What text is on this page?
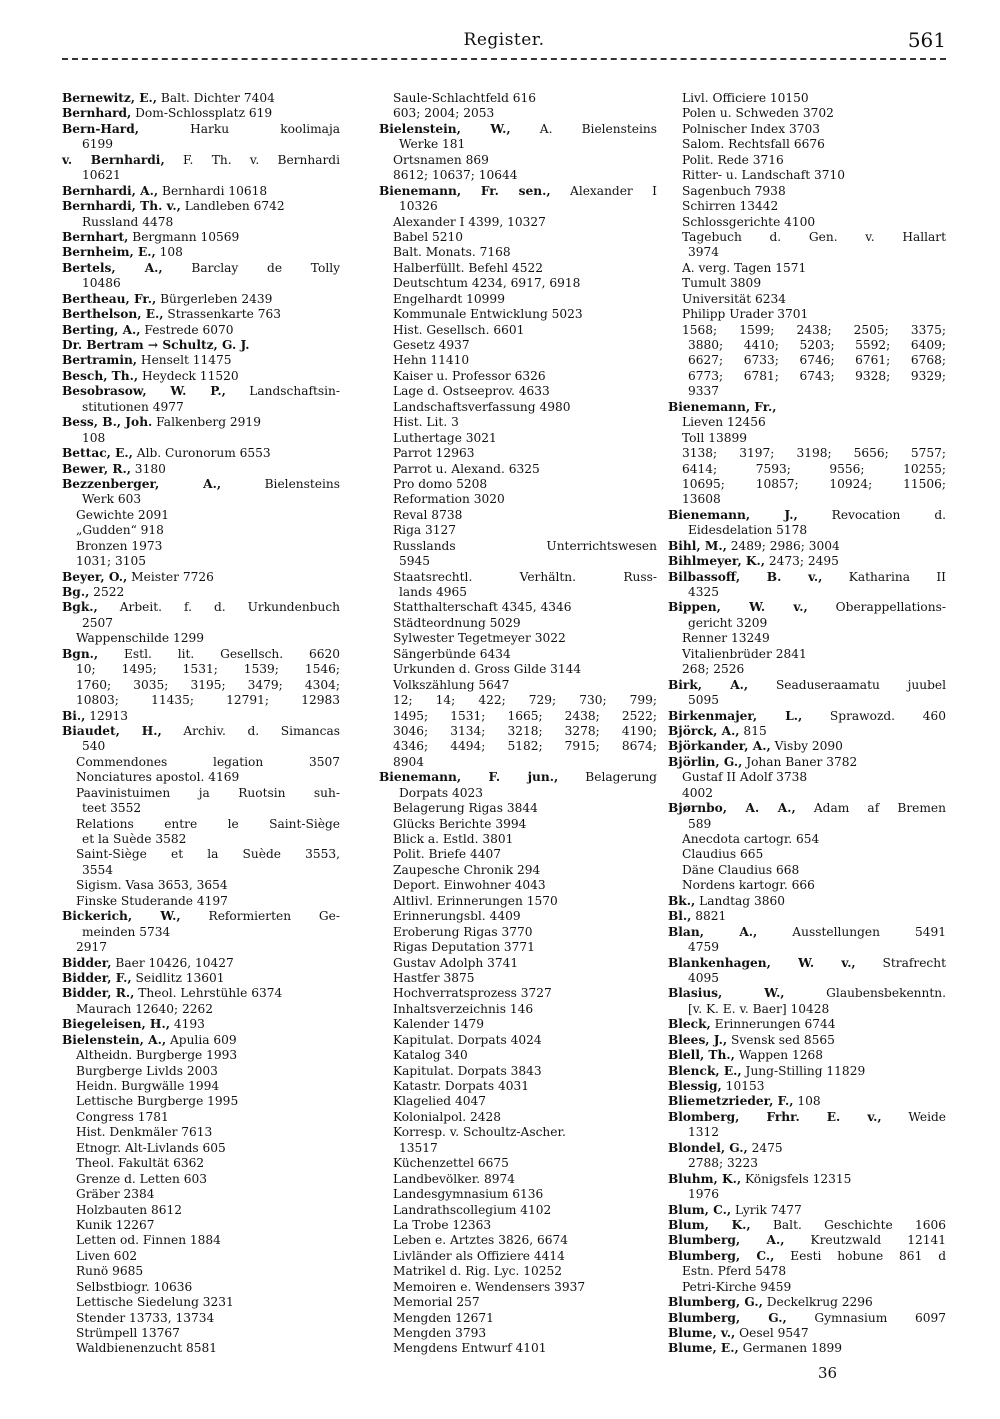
Register.	561
Bernewitz, E., Balt. Dichter 7404
Bernhard, Dom-Schlossplatz 619
Bern-Hard, Harku koolimaja
6199
v. Bernhardi, F. Th. v. Bernhardi
10621
Bernhardi, A., Bernhardi 10618
Bernhardi, Th. v., Landleben 6742
Russland 4478
Bernhart, Bergmann 10569
Bernheim, E., 108
Bertels, A., Barclay de Tolly
10486
Bertheau, Fr., Bürgerleben 2439
Berthelson, E., Strassenkarte 763
Berting, A., Festrede 6070
Dr. Bertram → Schultz, G. J.
Bertramin, Henselt 11475
Besch, Th., Heydeck 11520
Besobrasow, W. P., Landschaftsin-
stitutionen 4977
Bess, B., Joh. Falkenberg 2919
108
Bettac, E., Alb. Curonorum 6553
Bewer, R., 3180
Bezzenberger, A., Bielensteins
Werk 603
Gewichte 2091
„Gudden“ 918
Bronzen 1973
1031; 3105
Beyer, O., Meister 7726
Bg., 2522
Bgk., Arbeit. f. d. Urkundenbuch
2507
Wappenschilde 1299
Bgn., Estl. lit. Gesellsch. 6620
10; 1495; 1531; 1539; 1546;
1760; 3035; 3195; 3479; 4304;
10803; 11435; 12791; 12983
Bi., 12913
Biaudet, H., Archiv. d. Simancas
540
Commendones legation 3507
Nonciatures apostol. 4169
Paavinistuimen ja Ruotsin suh-
teet 3552
Relations entre le Saint-Siège
et la Suède 3582
Saint-Siège et la Suède 3553,
3554
Sigism. Vasa 3653, 3654
Finske Studerande 4197
Bickerich, W., Reformierten Ge-
meinden 5734
2917
Bidder, Baer 10426, 10427
Bidder, F., Seidlitz 13601
Bidder, R., Theol. Lehrstühle 6374
Maurach 12640; 2262
Biegeleisen, H., 4193
Bielenstein, A., Apulia 609
Altheidn. Burgberge 1993
Burgberge Livlds 2003
Heidn. Burgwälle 1994
Lettische Burgberge 1995
Congress 1781
Hist. Denkmäler 7613
Etnogr. Alt-Livlands 605
Theol. Fakultät 6362
Grenze d. Letten 603
Gräber 2384
Holzbauten 8612
Kunik 12267
Letten od. Finnen 1884
Liven 602
Runö 9685
Selbstbiogr. 10636
Lettische Siedelung 3231
Stender 13733, 13734
Strümpell 13767
Waldbienenzucht 8581
Saule-Schlachtfeld 616
603; 2004; 2053
Bielenstein, W., A. Bielensteins
Werke 181
Ortsnamen 869
8612; 10637; 10644
Bienemann, Fr. sen., Alexander I
10326
Alexander I 4399, 10327
Babel 5210
Balt. Monats. 7168
Halberfüllt. Befehl 4522
Deutschtum 4234, 6917, 6918
Engelhardt 10999
Kommunale Entwicklung 5023
Hist. Gesellsch. 6601
Gesetz 4937
Hehn 11410
Kaiser u. Professor 6326
Lage d. Ostseeprov. 4633
Landschaftsverfassung 4980
Hist. Lit. 3
Luthertage 3021
Parrot 12963
Parrot u. Alexand. 6325
Pro domo 5208
Reformation 3020
Reval 8738
Riga 3127
Russlands Unterrichtswesen
5945
Staatsrechtl. Verhältn. Russ-
lands 4965
Statthalterschaft 4345, 4346
Städteordnung 5029
Sylwester Tegetmeyer 3022
Sängerbünde 6434
Urkunden d. Gross Gilde 3144
Volkszählung 5647
12; 14; 422; 729; 730; 799;
1495; 1531; 1665; 2438; 2522;
3046; 3134; 3218; 3278; 4190;
4346; 4494; 5182; 7915; 8674;
8904
Bienemann, F. jun., Belagerung
Dorpats 4023
Belagerung Rigas 3844
Glücks Berichte 3994
Blick a. Estld. 3801
Polit. Briefe 4407
Zaupesche Chronik 294
Deport. Einwohner 4043
Altlivl. Erinnerungen 1570
Erinnerungsbl. 4409
Eroberung Rigas 3770
Rigas Deputation 3771
Gustav Adolph 3741
Hastfer 3875
Hochverratsprozess 3727
Inhaltsverzeichnis 146
Kalender 1479
Kapitulat. Dorpats 4024
Katalog 340
Kapitulat. Dorpats 3843
Katastr. Dorpats 4031
Klagelied 4047
Kolonialpol. 2428
Korresp. v. Schoultz-Ascher.
13517
Küchenzettel 6675
Landbevölker. 8974
Landesgymnasium 6136
Landrathscollegium 4102
La Trobe 12363
Leben e. Artztes 3826, 6674
Livländer als Offiziere 4414
Matrikel d. Rig. Lyc. 10252
Memoiren e. Wendensers 3937
Memorial 257
Mengden 12671
Mengden 3793
Mengdens Entwurf 4101
Livl. Officiere 10150
Polen u. Schweden 3702
Polnischer Index 3703
Salom. Rechtsfall 6676
Polit. Rede 3716
Ritter- u. Landschaft 3710
Sagenbuch 7938
Schirren 13442
Schlossgerichte 4100
Tagebuch d. Gen. v. Hallart
3974
A. verg. Tagen 1571
Tumult 3809
Universität 6234
Philipp Urader 3701
1568; 1599; 2438; 2505; 3375;
3880; 4410; 5203; 5592; 6409;
6627; 6733; 6746; 6761; 6768;
6773; 6781; 6743; 9328; 9329;
9337
Bienemann, Fr.,
Lieven 12456
Toll 13899
3138; 3197; 3198; 5656; 5757;
6414; 7593; 9556; 10255;
10695; 10857; 10924; 11506;
13608
Bienemann, J., Revocation d.
Eidesdelation 5178
Bihl, M., 2489; 2986; 3004
Bihlmeyer, K., 2473; 2495
Bilbassoff, B. v., Katharina II
4325
Bippen, W. v., Oberappellations-
gericht 3209
Renner 13249
Vitalienbrüder 2841
268; 2526
Birk, A., Seaduseraamatu juubel
5095
Birkenmajer, L., Sprawozd. 460
Björck, A., 815
Björkander, A., Visby 2090
Björlin, G., Johan Baner 3782
Gustaf II Adolf 3738
4002
Bjørnbo, A. A., Adam af Bremen
589
Anecdota cartogr. 654
Claudius 665
Däne Claudius 668
Nordens kartogr. 666
Bk., Landtag 3860
Bl., 8821
Blan, A., Ausstellungen 5491
4759
Blankenhagen, W. v., Strafrecht
4095
Blasius, W., Glaubensbekenntn.
[v. K. E. v. Baer] 10428
Bleck, Erinnerungen 6744
Blees, J., Svensk sed 8565
Blell, Th., Wappen 1268
Blenck, E., Jung-Stilling 11829
Blessig, 10153
Bliemetzrieder, F., 108
Blomberg, Frhr. E. v., Weide
1312
Blondel, G., 2475
2788; 3223
Bluhm, K., Königsfels 12315
1976
Blum, C., Lyrik 7477
Blum, K., Balt. Geschichte 1606
Blumberg, A., Kreutzwald 12141
Blumberg, C., Eesti hobune 861 d
Estn. Pferd 5478
Petri-Kirche 9459
Blumberg, G., Deckelkrug 2296
Blumberg, G., Gymnasium 6097
Blume, v., Oesel 9547
Blume, E., Germanen 1899
36
